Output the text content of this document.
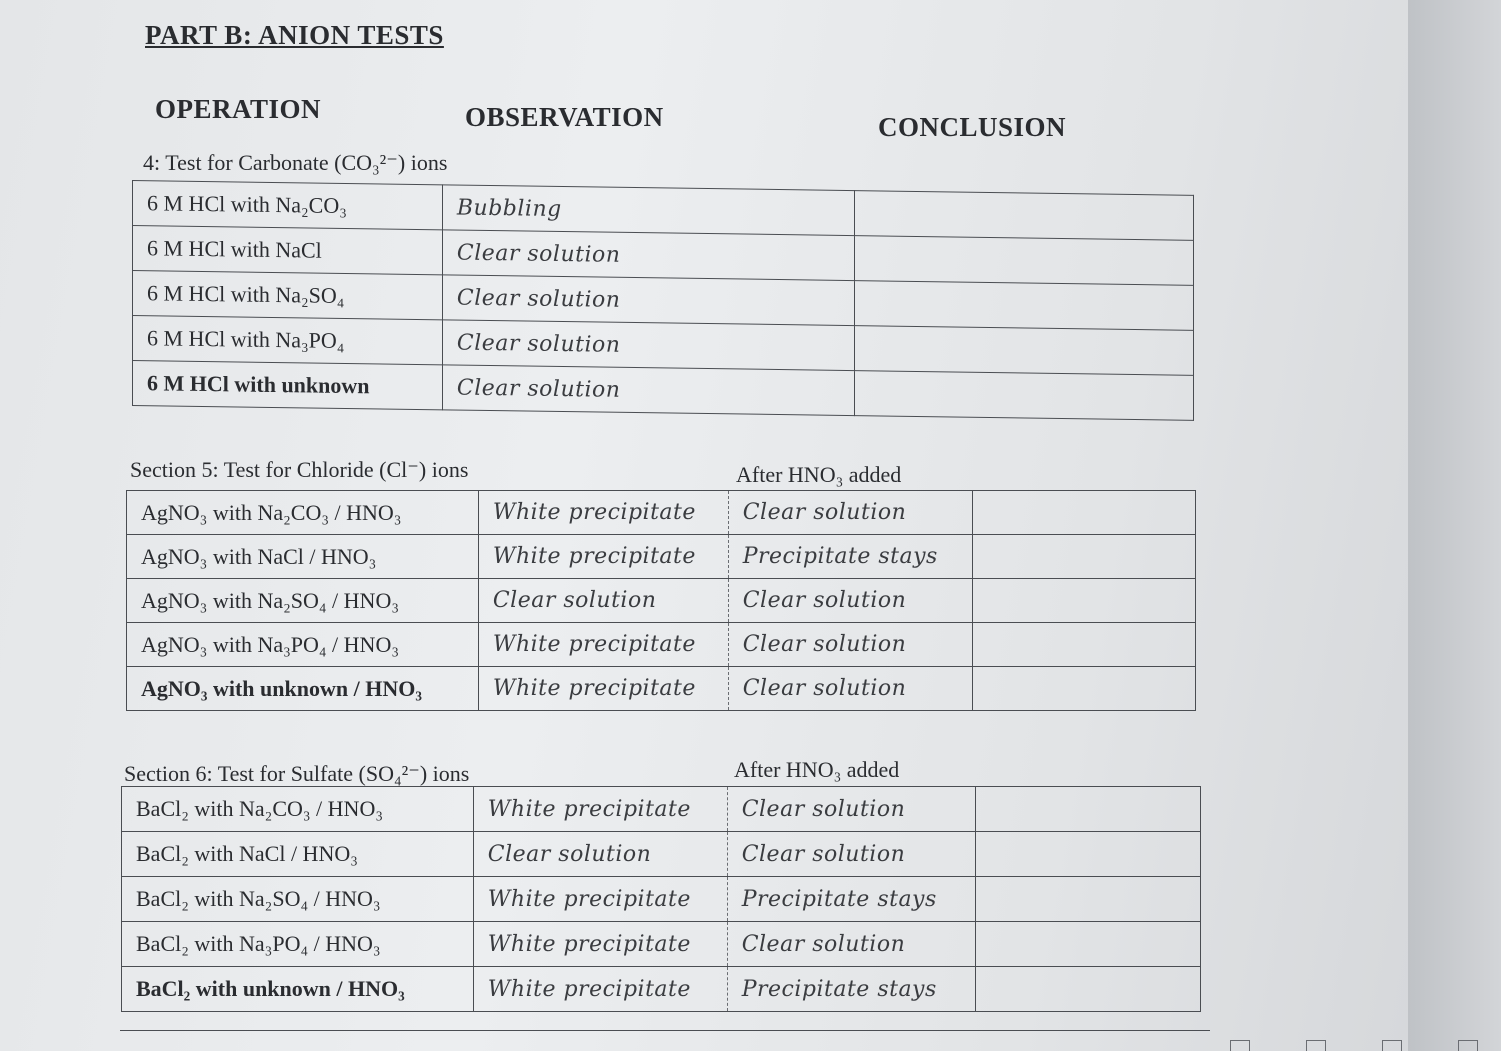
PART B: ANION TESTS
OPERATION	OBSERVATION	CONCLUSION
4: Test for Carbonate (CO₃²⁻) ions
6 M HCl with Na₂CO₃	Bubbling	
6 M HCl with NaCl	Clear solution	
6 M HCl with Na₂SO₄	Clear solution	
6 M HCl with Na₃PO₄	Clear solution	
6 M HCl with unknown	Clear solution	
Section 5: Test for Chloride (Cl⁻) ions	After HNO₃ added
AgNO₃ with Na₂CO₃ / HNO₃	White precipitate	Clear solution	
AgNO₃ with NaCl / HNO₃	White precipitate	Precipitate stays	
AgNO₃ with Na₂SO₄ / HNO₃	Clear solution	Clear solution	
AgNO₃ with Na₃PO₄ / HNO₃	White precipitate	Clear solution	
AgNO₃ with unknown / HNO₃	White precipitate	Clear solution	
Section 6: Test for Sulfate (SO₄²⁻) ions	After HNO₃ added
BaCl₂ with Na₂CO₃ / HNO₃	White precipitate	Clear solution	
BaCl₂ with NaCl / HNO₃	Clear solution	Clear solution	
BaCl₂ with Na₂SO₄ / HNO₃	White precipitate	Precipitate stays	
BaCl₂ with Na₃PO₄ / HNO₃	White precipitate	Clear solution	
BaCl₂ with unknown / HNO₃	White precipitate	Precipitate stays	
